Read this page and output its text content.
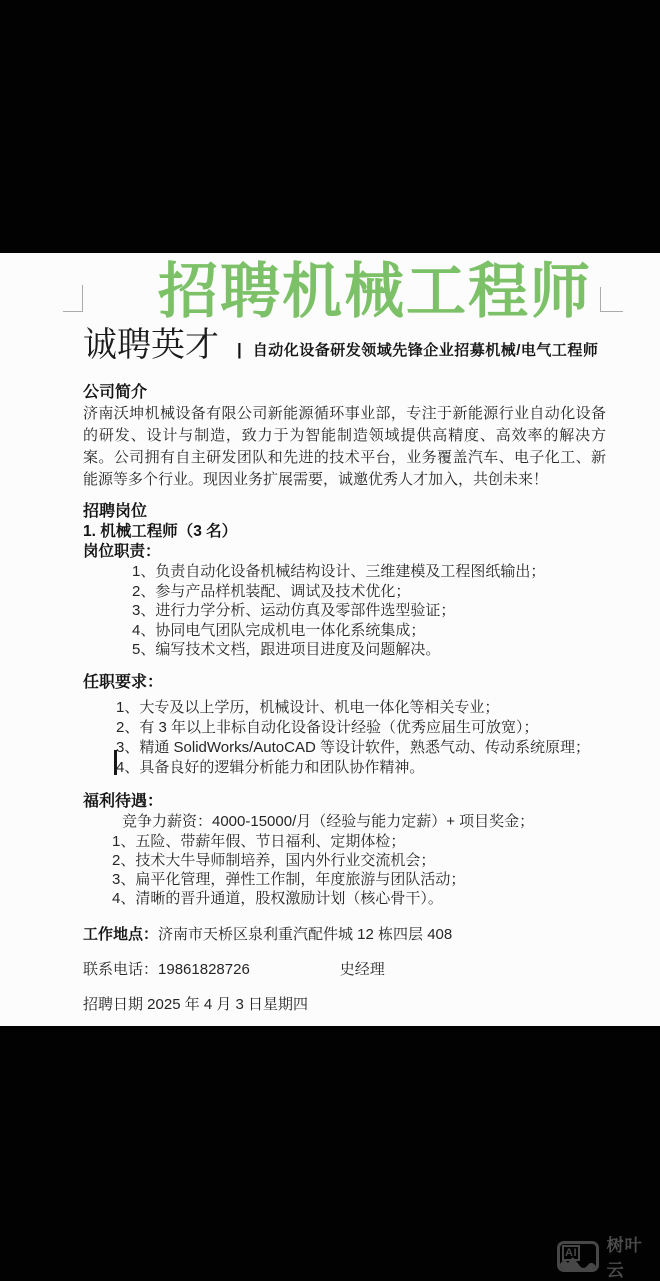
招聘机械工程师
诚聘英才 | 自动化设备研发领域先锋企业招募机械/电气工程师
公司简介
济南沃坤机械设备有限公司新能源循环事业部，专注于新能源行业自动化设备的研发、设计与制造，致力于为智能制造领域提供高精度、高效率的解决方案。公司拥有自主研发团队和先进的技术平台，业务覆盖汽车、电子化工、新能源等多个行业。现因业务扩展需要，诚邀优秀人才加入，共创未来！
招聘岗位
1. 机械工程师（3 名）
岗位职责：
1、负责自动化设备机械结构设计、三维建模及工程图纸输出；
2、参与产品样机装配、调试及技术优化；
3、进行力学分析、运动仿真及零部件选型验证；
4、协同电气团队完成机电一体化系统集成；
5、编写技术文档，跟进项目进度及问题解决。
任职要求：
1、大专及以上学历，机械设计、机电一体化等相关专业；
2、有 3 年以上非标自动化设备设计经验（优秀应届生可放宽）；
3、精通 SolidWorks/AutoCAD 等设计软件，熟悉气动、传动系统原理；
4、具备良好的逻辑分析能力和团队协作精神。
福利待遇：
竞争力薪资：4000-15000/月（经验与能力定薪）+ 项目奖金；
1、五险、带薪年假、节日福利、定期体检；
2、技术大牛导师制培养，国内外行业交流机会；
3、扁平化管理，弹性工作制，年度旅游与团队活动；
4、清晰的晋升通道，股权激励计划（核心骨干）。
工作地点：济南市天桥区泉利重汽配件城 12 栋四层 408
联系电话：19861828726	史经理
招聘日期 2025 年 4 月 3 日星期四
AI 树叶云
